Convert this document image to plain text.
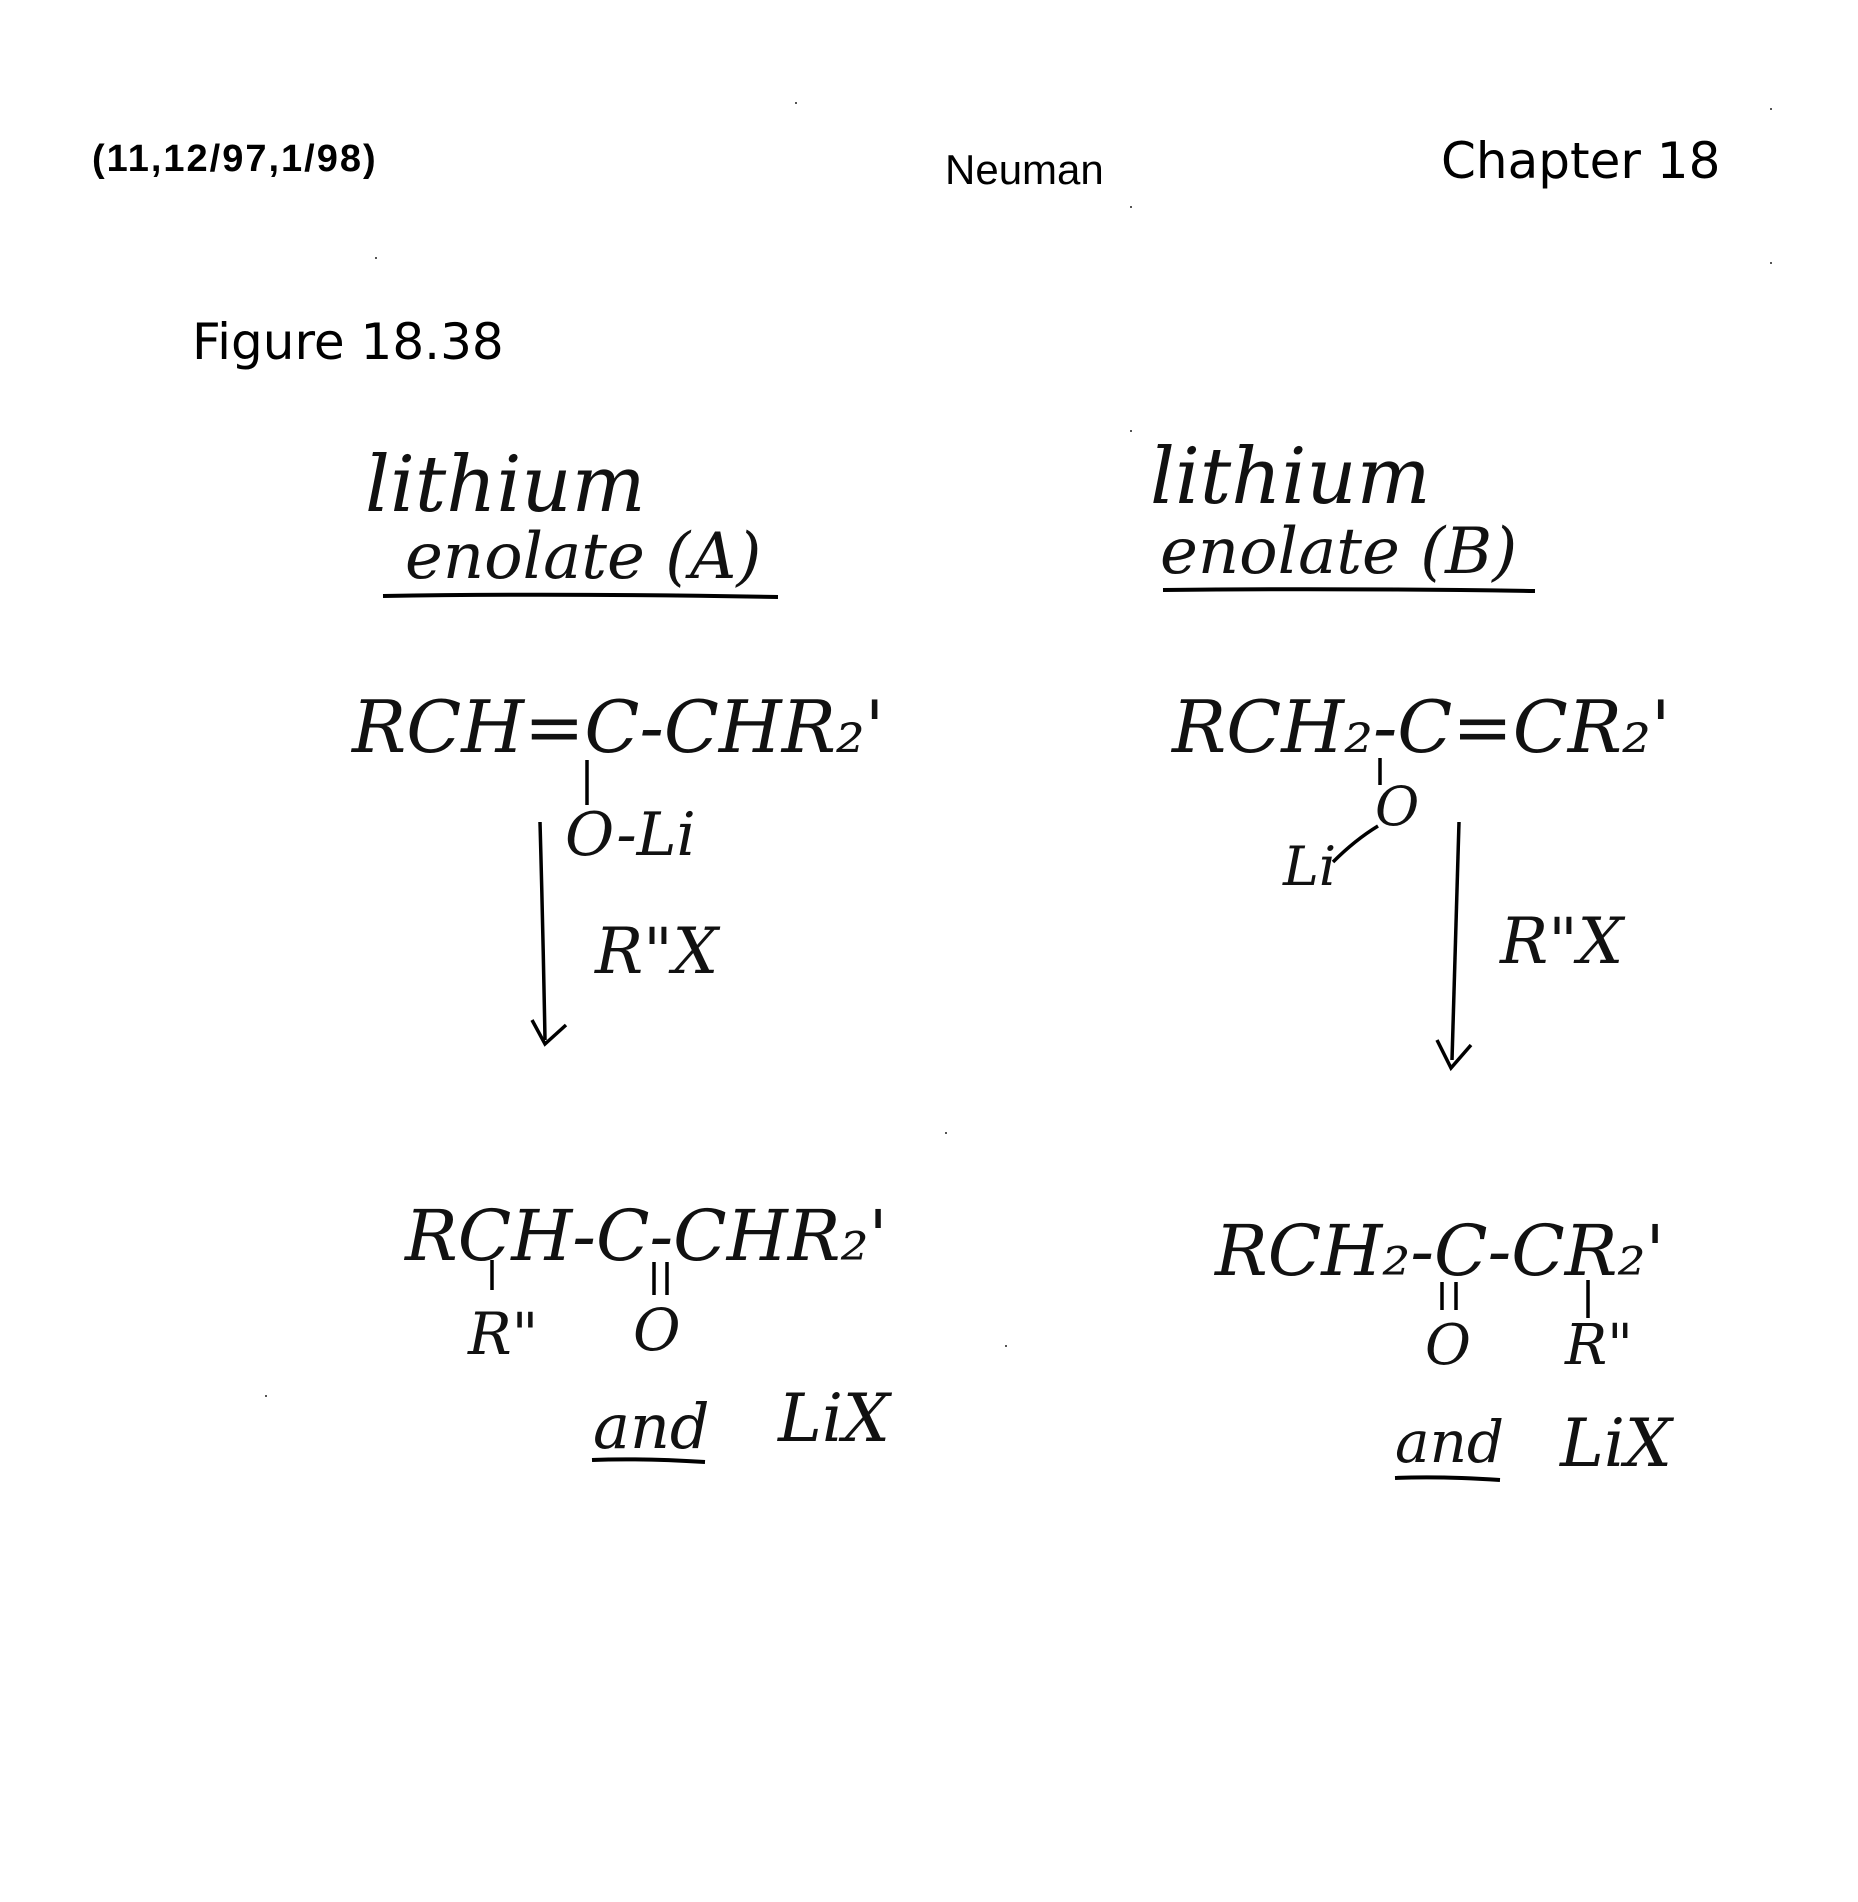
(11,12/97,1/98)	Neuman	Chapter 18
Figure 18.38
lithium
enolate (A)
RCH=C-CHR₂'
O-Li
R"X
RCH-C-CHR₂'
R" O
and LiX
lithium
enolate (B)
RCH₂-C=CR₂'
O
Li
R"X
RCH₂-C-CR₂'
O R"
and LiX
